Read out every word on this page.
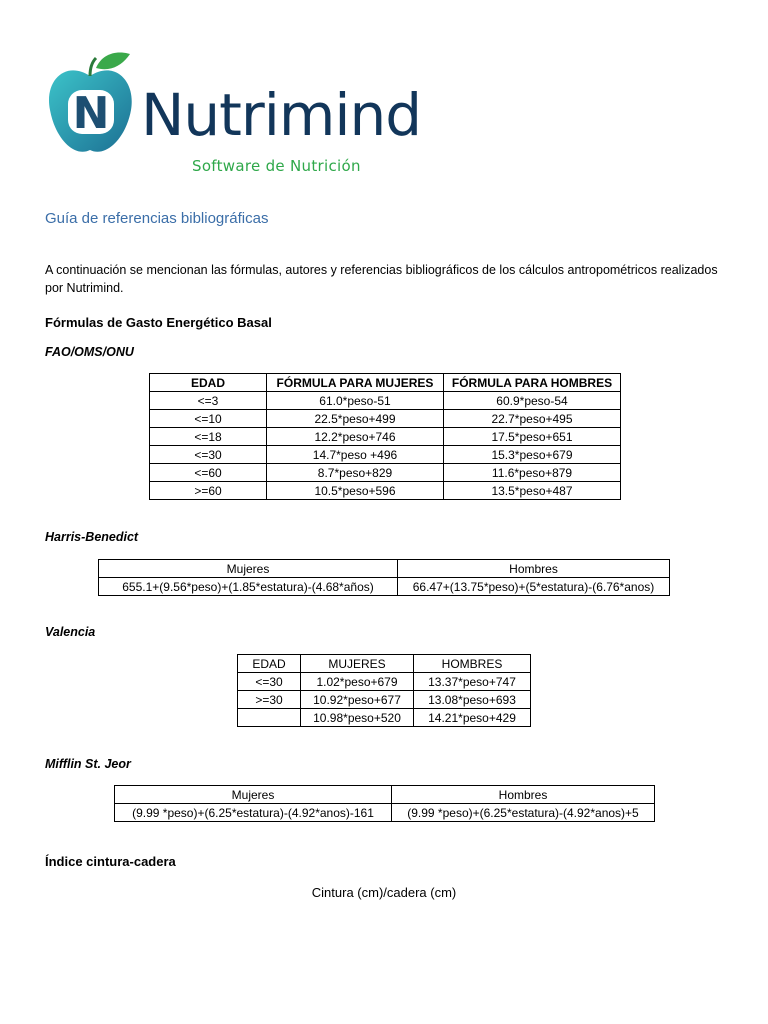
N Nutrimind
Software de Nutrición
Guía de referencias bibliográficas
A continuación se mencionan las fórmulas, autores y referencias bibliográficos de los cálculos antropométricos realizados por Nutrimind.
Fórmulas de Gasto Energético Basal
FAO/OMS/ONU
EDAD	FÓRMULA PARA MUJERES	FÓRMULA PARA HOMBRES
<=3	61.0*peso-51	60.9*peso-54
<=10	22.5*peso+499	22.7*peso+495
<=18	12.2*peso+746	17.5*peso+651
<=30	14.7*peso +496	15.3*peso+679
<=60	8.7*peso+829	11.6*peso+879
>=60	10.5*peso+596	13.5*peso+487
Harris-Benedict
Mujeres	Hombres
655.1+(9.56*peso)+(1.85*estatura)-(4.68*años)	66.47+(13.75*peso)+(5*estatura)-(6.76*anos)
Valencia
EDAD	MUJERES	HOMBRES
<=30	1.02*peso+679	13.37*peso+747
>=30	10.92*peso+677	13.08*peso+693
	10.98*peso+520	14.21*peso+429
Mifflin St. Jeor
Mujeres	Hombres
(9.99 *peso)+(6.25*estatura)-(4.92*anos)-161	(9.99 *peso)+(6.25*estatura)-(4.92*anos)+5
Índice cintura-cadera
Cintura (cm)/cadera (cm)
